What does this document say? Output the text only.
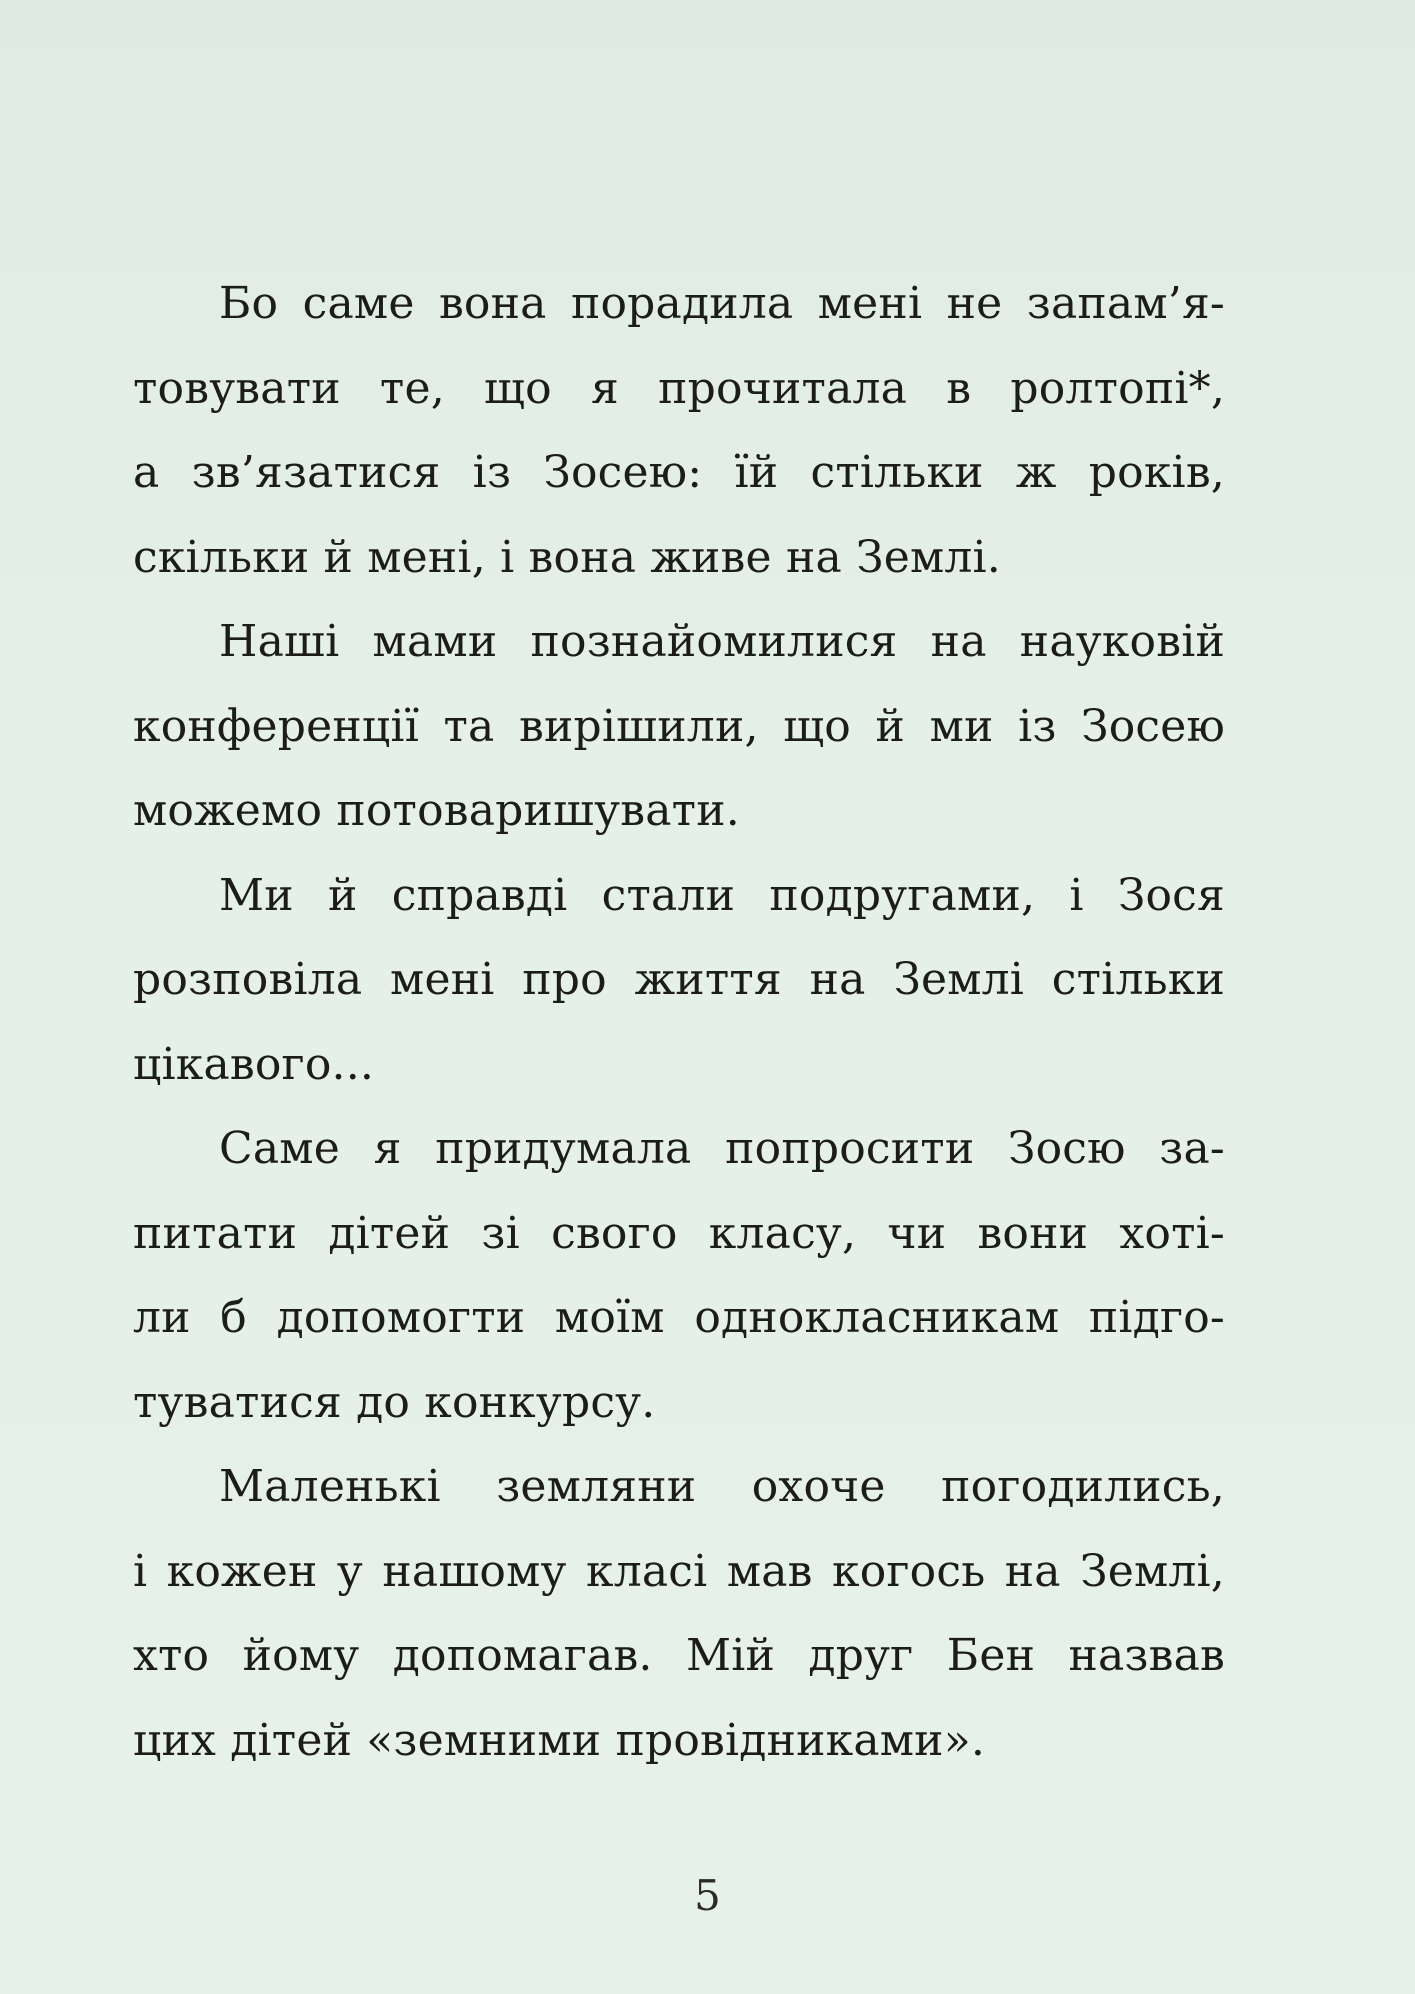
Бо саме вона порадила мені не запам’я-
товувати те, що я прочитала в ролтопі*,
а зв’язатися із Зосею: їй стільки ж років,
скільки й мені, і вона живе на Землі.
Наші мами познайомилися на науковій
конференції та вирішили, що й ми із Зосею
можемо потоваришувати.
Ми й справді стали подругами, і Зося
розповіла мені про життя на Землі стільки
цікавого...
Саме я придумала попросити Зосю за-
питати дітей зі свого класу, чи вони хоті-
ли б допомогти моїм однокласникам підго-
туватися до конкурсу.
Маленькі земляни охоче погодились,
і кожен у нашому класі мав когось на Землі,
хто йому допомагав. Мій друг Бен назвав
цих дітей «земними провідниками».
5
